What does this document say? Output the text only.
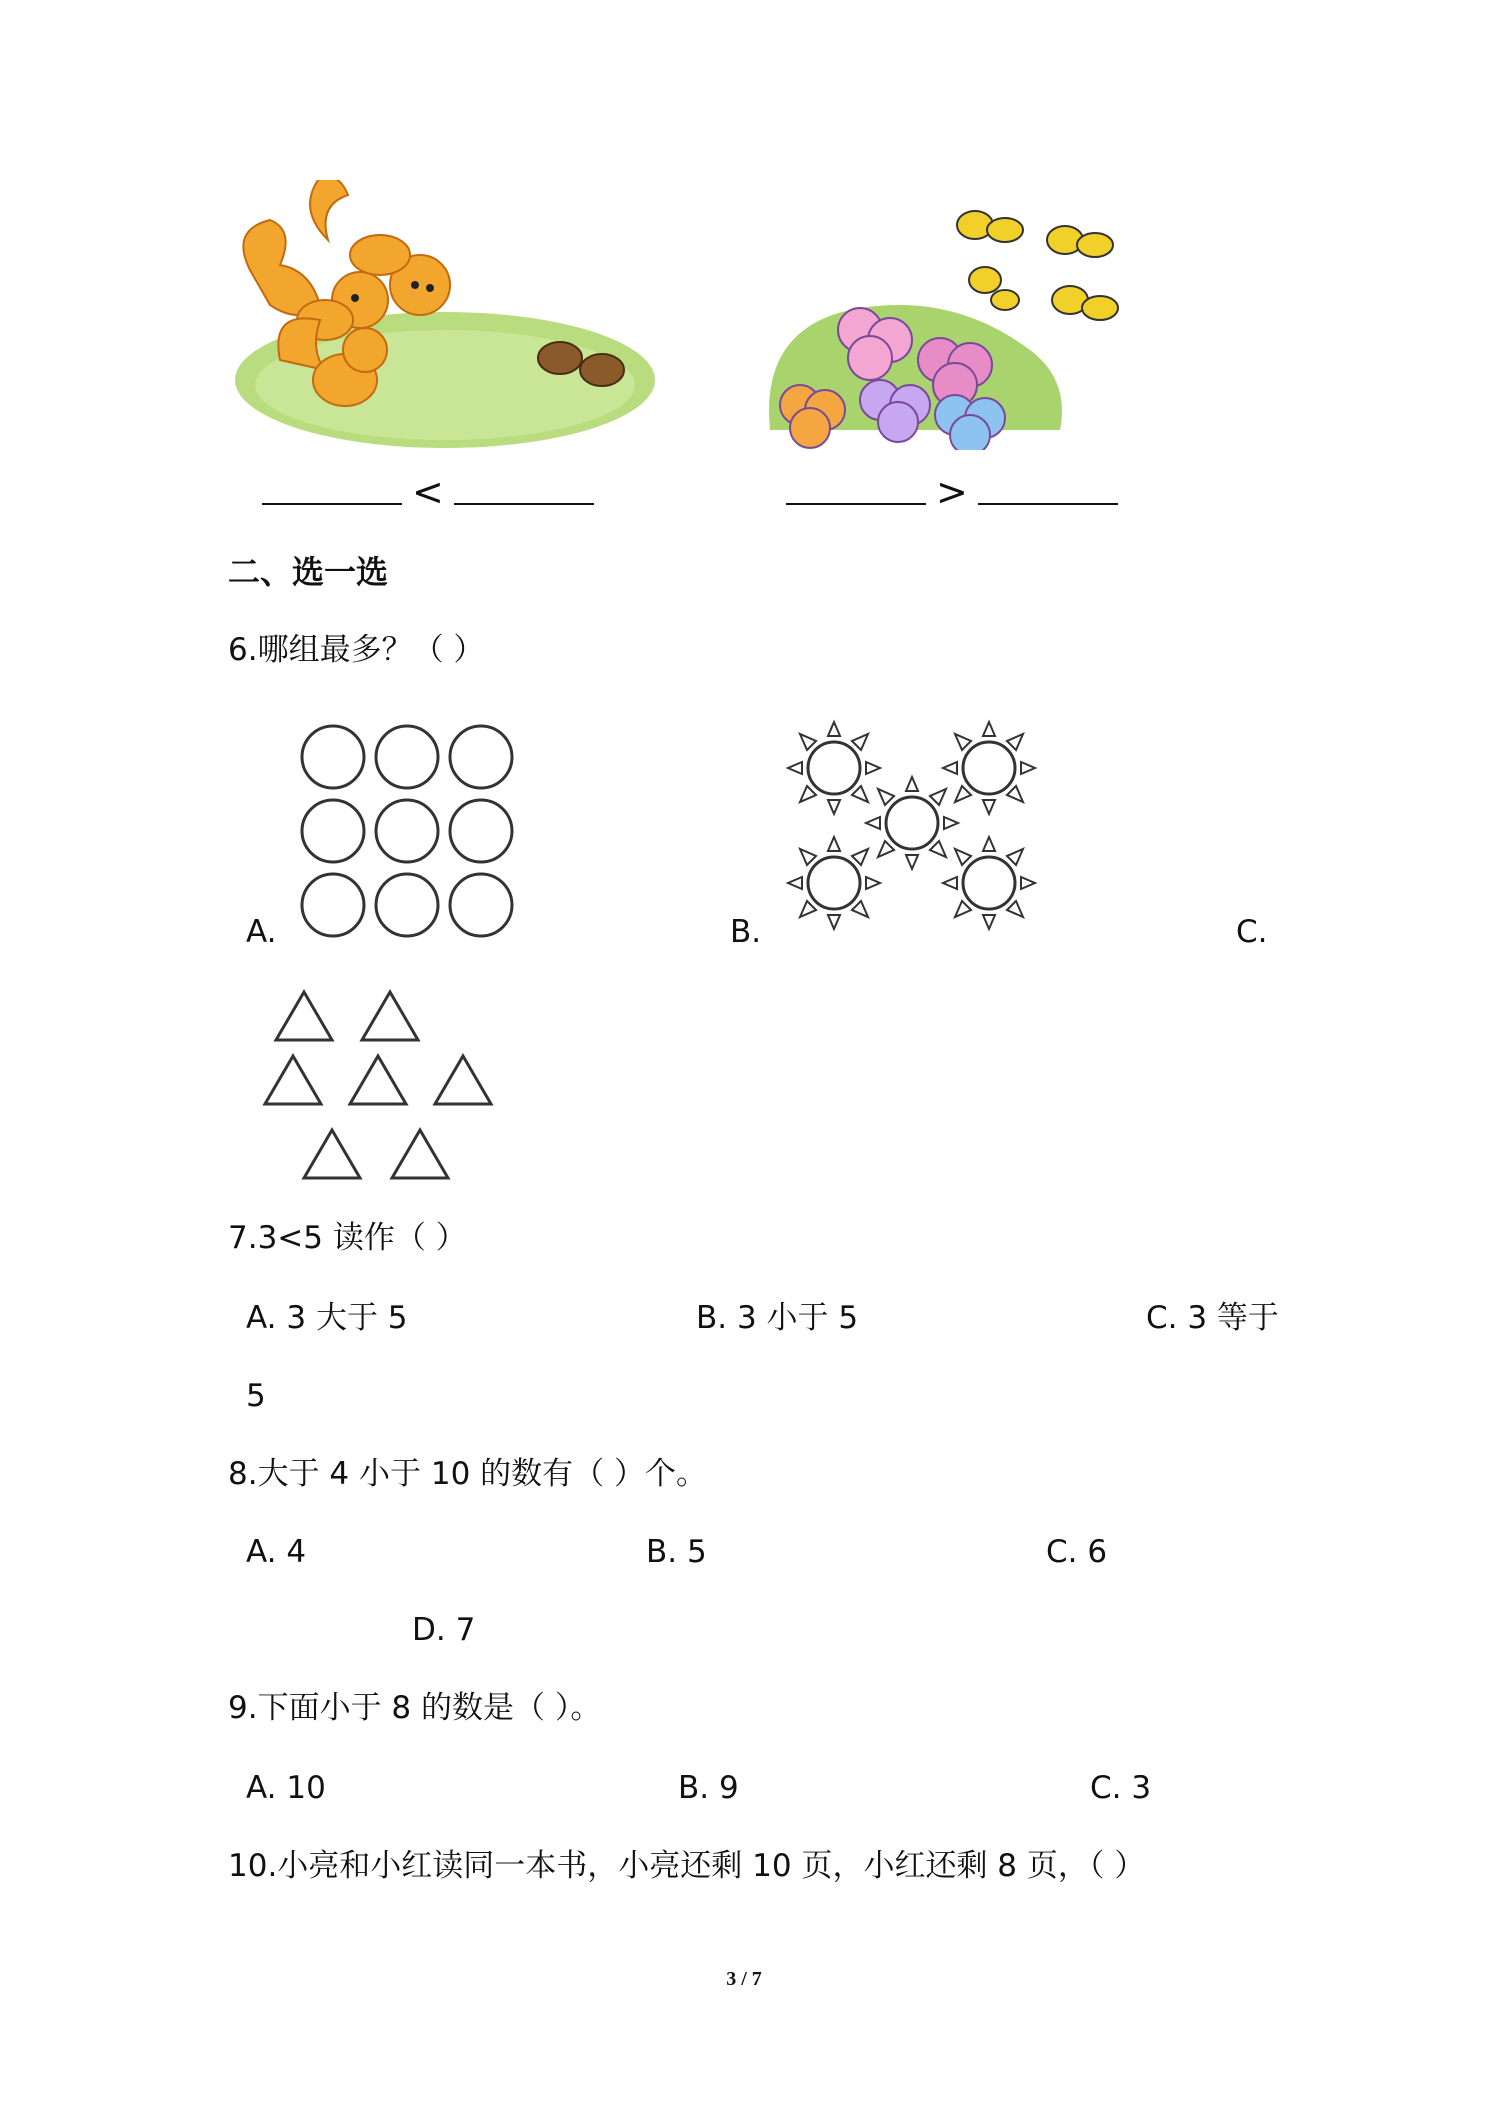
<	>
二、选一选
6.哪组最多？（ ）
A.	B.	C.
7.3<5 读作（ ）
A. 3 大于 5	B. 3 小于 5	C. 3 等于
5
8.大于 4 小于 10 的数有（ ）个。
A. 4	B. 5	C. 6
D. 7
9.下面小于 8 的数是（ ）。
A. 10	B. 9	C. 3
10.小亮和小红读同一本书，小亮还剩 10 页，小红还剩 8 页，（ ）
3 / 7
